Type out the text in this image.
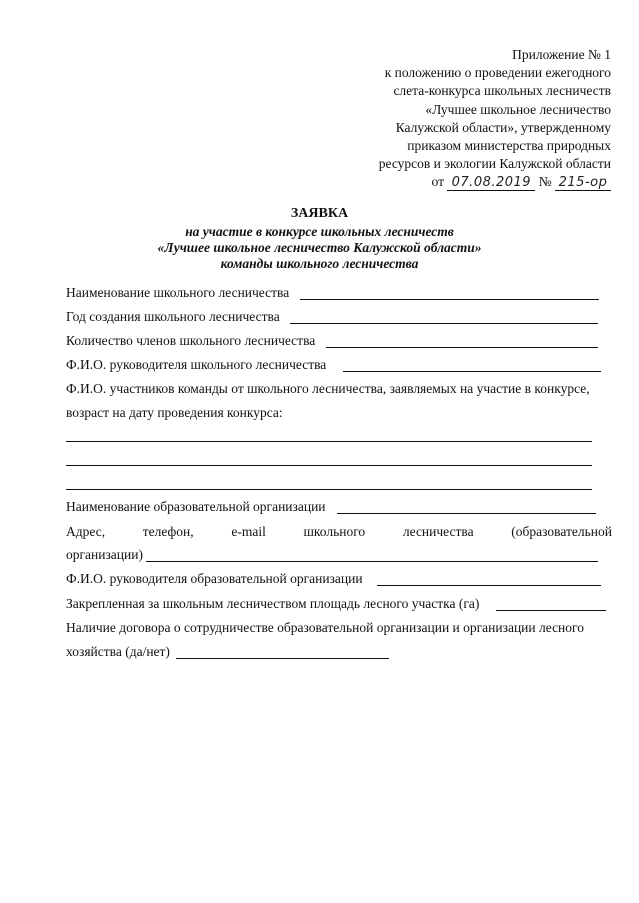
Приложение № 1
к положению о проведении ежегодного
слета-конкурса школьных лесничеств
«Лучшее школьное лесничество
Калужской области», утвержденному
приказом министерства природных
ресурсов и экологии Калужской области
от 07.08.2019 № 215-ор
ЗАЯВКА
на участие в конкурсе школьных лесничеств
«Лучшее школьное лесничество Калужской области»
команды школьного лесничества
Наименование школьного лесничества
Год создания школьного лесничества
Количество членов школьного лесничества
Ф.И.О. руководителя школьного лесничества
Ф.И.О. участников команды от школьного лесничества, заявляемых на участие в конкурсе,
возраст на дату проведения конкурса:
Наименование образовательной организации
Адрес,	телефон,	e-mail	школьного	лесничества	(образовательной
организации)
Ф.И.О. руководителя образовательной организации
Закрепленная за школьным лесничеством площадь лесного участка (га)
Наличие договора о сотрудничестве образовательной организации и организации лесного
хозяйства (да/нет)
